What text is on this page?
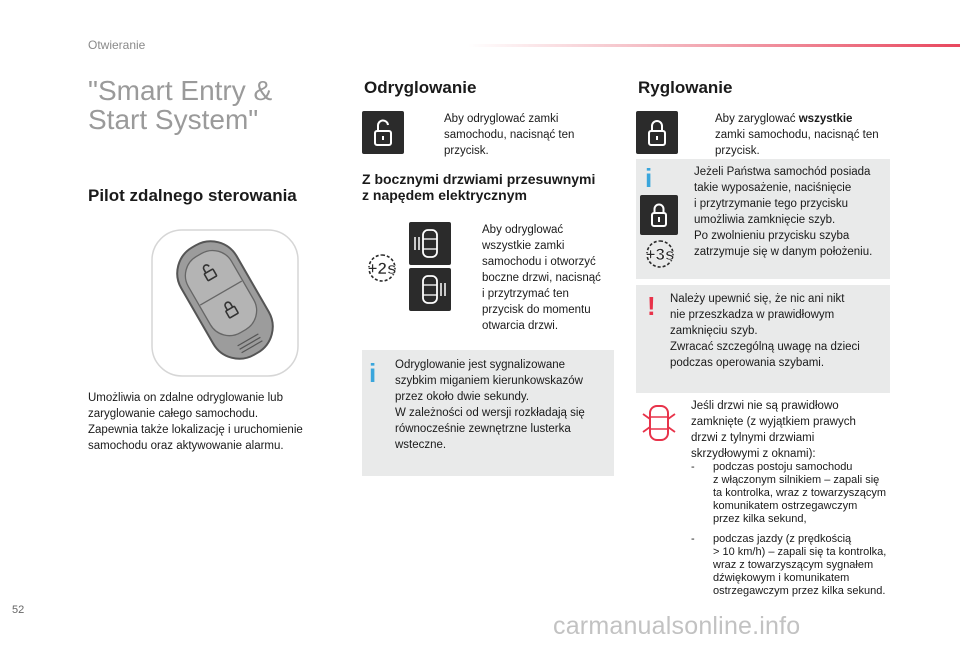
Otwieranie
"Smart Entry &
Start System"
Pilot zdalnego sterowania
Umożliwia on zdalne odryglowanie lub
zaryglowanie całego samochodu.
Zapewnia także lokalizację i uruchomienie
samochodu oraz aktywowanie alarmu.
Odryglowanie
Aby odryglować zamki
samochodu, nacisnąć ten
przycisk.
Z bocznymi drzwiami przesuwnymi
z napędem elektrycznym
+2s
Aby odryglować
wszystkie zamki
samochodu i otworzyć
boczne drzwi, nacisnąć
i przytrzymać ten
przycisk do momentu
otwarcia drzwi.
i Odryglowanie jest sygnalizowane
szybkim miganiem kierunkowskazów
przez około dwie sekundy.
W zależności od wersji rozkładają się
równocześnie zewnętrzne lusterka
wsteczne.
Ryglowanie
Aby zaryglować wszystkie
zamki samochodu, nacisnąć ten
przycisk.
i
+3s
Jeżeli Państwa samochód posiada
takie wyposażenie, naciśnięcie
i przytrzymanie tego przycisku
umożliwia zamknięcie szyb.
Po zwolnieniu przycisku szyba
zatrzymuje się w danym położeniu.
! Należy upewnić się, że nic ani nikt
nie przeszkadza w prawidłowym
zamknięciu szyb.
Zwracać szczególną uwagę na dzieci
podczas operowania szybami.
Jeśli drzwi nie są prawidłowo
zamknięte (z wyjątkiem prawych
drzwi z tylnymi drzwiami
skrzydłowymi z oknami):
- podczas postoju samochodu
z włączonym silnikiem – zapali się
ta kontrolka, wraz z towarzyszącym
komunikatem ostrzegawczym
przez kilka sekund,
- podczas jazdy (z prędkością
> 10 km/h) – zapali się ta kontrolka,
wraz z towarzyszącym sygnałem
dźwiękowym i komunikatem
ostrzegawczym przez kilka sekund.
52
carmanualsonline.info
